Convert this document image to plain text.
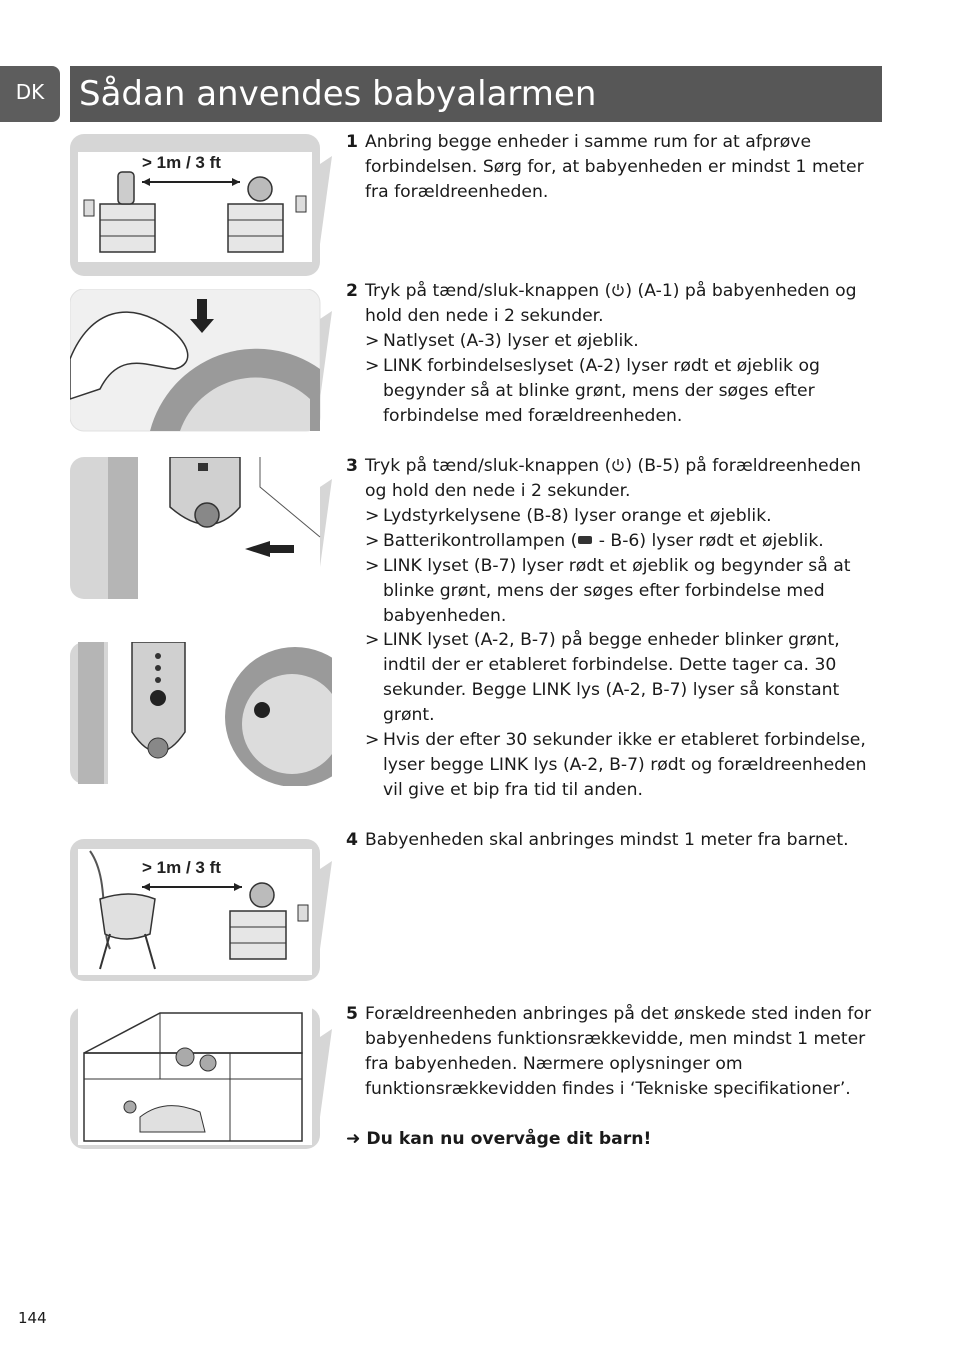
DK	Sådan anvendes babyalarmen
> 1m / 3 ft
> 1m / 3 ft
1 Anbring begge enheder i samme rum for at afprøve forbindelsen. Sørg for, at babyenheden er mindst 1 meter fra forældreenheden.
2 Tryk på tænd/sluk-knappen ( ) (A-1) på babyenheden og hold den nede i 2 sekunder.
> Natlyset (A-3) lyser et øjeblik.
> LINK forbindelseslyset (A-2) lyser rødt et øjeblik og begynder så at blinke grønt, mens der søges efter forbindelse med forældreenheden.
3 Tryk på tænd/sluk-knappen ( ) (B-5) på forældreenheden og hold den nede i 2 sekunder.
> Lydstyrkelysene (B-8) lyser orange et øjeblik.
> Batterikontrollampen ( - B-6) lyser rødt et øjeblik.
> LINK lyset (B-7) lyser rødt et øjeblik og begynder så at blinke grønt, mens der søges efter forbindelse med babyenheden.
> LINK lyset (A-2, B-7) på begge enheder blinker grønt, indtil der er etableret forbindelse. Dette tager ca. 30 sekunder. Begge LINK lys (A-2, B-7) lyser så konstant grønt.
> Hvis der efter 30 sekunder ikke er etableret forbindelse, lyser begge LINK lys (A-2, B-7) rødt og forældreenheden vil give et bip fra tid til anden.
4 Babyenheden skal anbringes mindst 1 meter fra barnet.
5 Forældreenheden anbringes på det ønskede sted inden for babyenhedens funktionsrækkevidde, men mindst 1 meter fra babyenheden. Nærmere oplysninger om funktionsrækkevidden findes i ‘Tekniske specifikationer’.
➜ Du kan nu overvåge dit barn!
144
